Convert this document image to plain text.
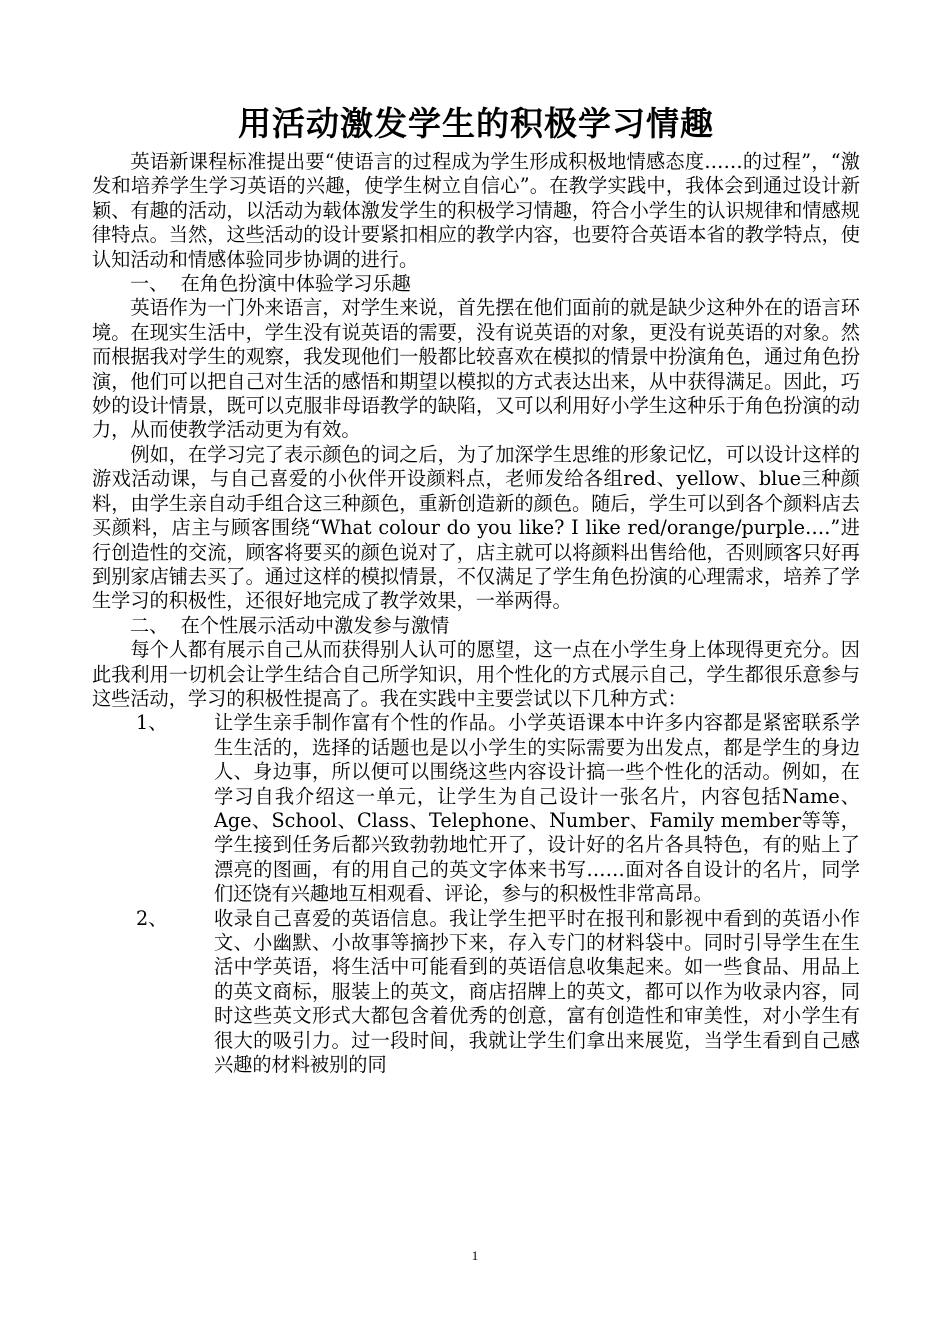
用活动激发学生的积极学习情趣

英语新课程标准提出要“使语言的过程成为学生形成积极地情感态度……的过程”，“激发和培养学生学习英语的兴趣，使学生树立自信心”。在教学实践中，我体会到通过设计新颖、有趣的活动，以活动为载体激发学生的积极学习情趣，符合小学生的认识规律和情感规律特点。当然，这些活动的设计要紧扣相应的教学内容，也要符合英语本省的教学特点，使认知活动和情感体验同步协调的进行。

一、  在角色扮演中体验学习乐趣

英语作为一门外来语言，对学生来说，首先摆在他们面前的就是缺少这种外在的语言环境。在现实生活中，学生没有说英语的需要，没有说英语的对象，更没有说英语的对象。然而根据我对学生的观察，我发现他们一般都比较喜欢在模拟的情景中扮演角色，通过角色扮演，他们可以把自己对生活的感悟和期望以模拟的方式表达出来，从中获得满足。因此，巧妙的设计情景，既可以克服非母语教学的缺陷，又可以利用好小学生这种乐于角色扮演的动力，从而使教学活动更为有效。

例如，在学习完了表示颜色的词之后，为了加深学生思维的形象记忆，可以设计这样的游戏活动课，与自己喜爱的小伙伴开设颜料点，老师发给各组red、yellow、blue三种颜料，由学生亲自动手组合这三种颜色，重新创造新的颜色。随后，学生可以到各个颜料店去买颜料，店主与顾客围绕“What colour do you like? I like red/orange/purple….”进行创造性的交流，顾客将要买的颜色说对了，店主就可以将颜料出售给他，否则顾客只好再到别家店铺去买了。通过这样的模拟情景，不仅满足了学生角色扮演的心理需求，培养了学生学习的积极性，还很好地完成了教学效果，一举两得。

二、  在个性展示活动中激发参与激情

每个人都有展示自己从而获得别人认可的愿望，这一点在小学生身上体现得更充分。因此我利用一切机会让学生结合自己所学知识，用个性化的方式展示自己，学生都很乐意参与这些活动，学习的积极性提高了。我在实践中主要尝试以下几种方式：

1、 让学生亲手制作富有个性的作品。小学英语课本中许多内容都是紧密联系学生生活的，选择的话题也是以小学生的实际需要为出发点，都是学生的身边人、身边事，所以便可以围绕这些内容设计搞一些个性化的活动。例如，在学习自我介绍这一单元，让学生为自己设计一张名片，内容包括Name、Age、School、Class、Telephone、Number、Family member等等，学生接到任务后都兴致勃勃地忙开了，设计好的名片各具特色，有的贴上了漂亮的图画，有的用自己的英文字体来书写……面对各自设计的名片，同学们还饶有兴趣地互相观看、评论，参与的积极性非常高昂。
2、 收录自己喜爱的英语信息。我让学生把平时在报刊和影视中看到的英语小作文、小幽默、小故事等摘抄下来，存入专门的材料袋中。同时引导学生在生活中学英语，将生活中可能看到的英语信息收集起来。如一些食品、用品上的英文商标，服装上的英文，商店招牌上的英文，都可以作为收录内容，同时这些英文形式大都包含着优秀的创意，富有创造性和审美性，对小学生有很大的吸引力。过一段时间，我就让学生们拿出来展览，当学生看到自己感兴趣的材料被别的同
1
